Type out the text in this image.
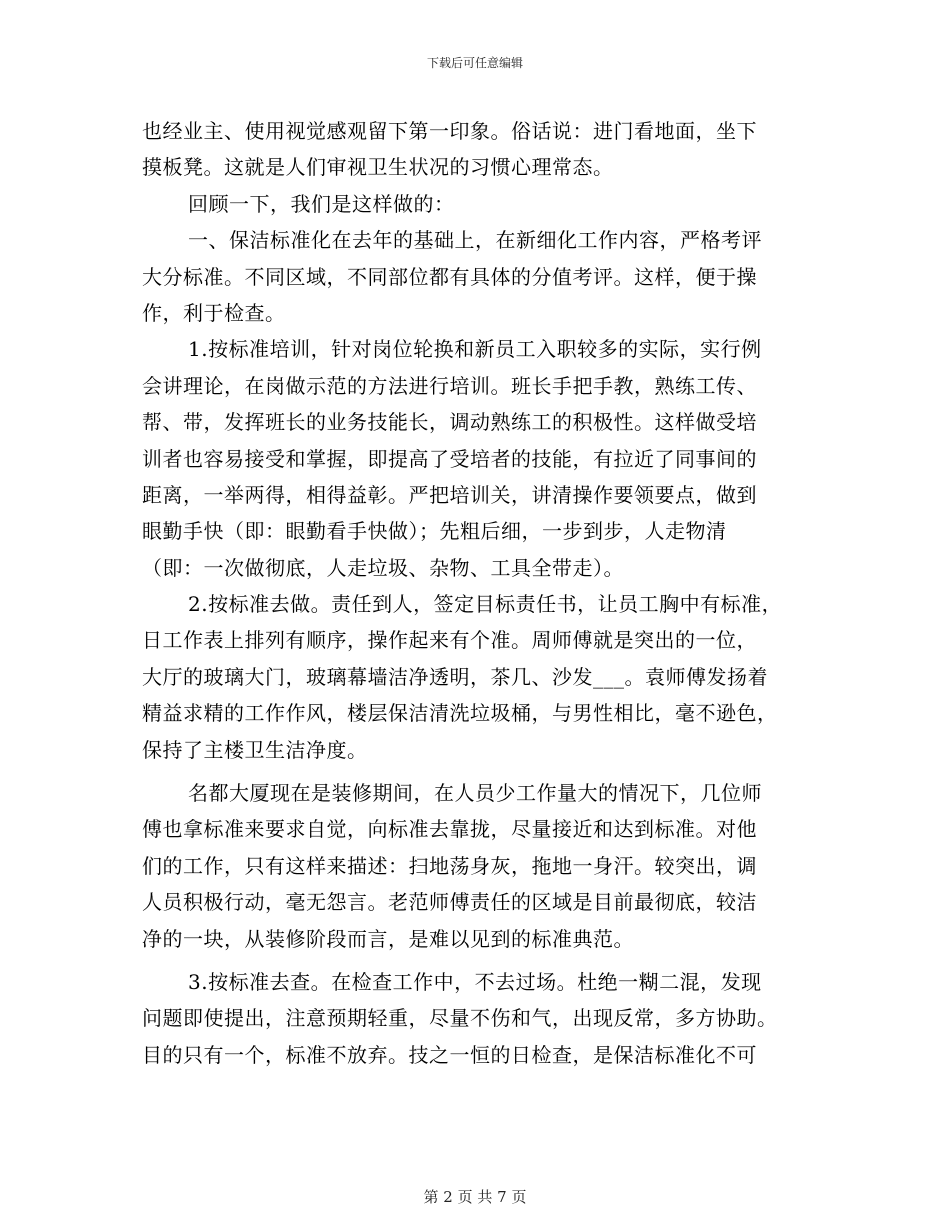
下载后可任意编辑
也经业主、使用视觉感观留下第一印象。俗话说：进门看地面，坐下
摸板凳。这就是人们审视卫生状况的习惯心理常态。
回顾一下，我们是这样做的：
一、保洁标准化在去年的基础上，在新细化工作内容，严格考评
大分标准。不同区域，不同部位都有具体的分值考评。这样，便于操
作，利于检查。
1.按标准培训，针对岗位轮换和新员工入职较多的实际，实行例
会讲理论，在岗做示范的方法进行培训。班长手把手教，熟练工传、
帮、带，发挥班长的业务技能长，调动熟练工的积极性。这样做受培
训者也容易接受和掌握，即提高了受培者的技能，有拉近了同事间的
距离，一举两得，相得益彰。严把培训关，讲清操作要领要点，做到
眼勤手快（即：眼勤看手快做）；先粗后细，一步到步，人走物清
（即：一次做彻底，人走垃圾、杂物、工具全带走）。
2.按标准去做。责任到人，签定目标责任书，让员工胸中有标准，
日工作表上排列有顺序，操作起来有个准。周师傅就是突出的一位，
大厅的玻璃大门，玻璃幕墙洁净透明，茶几、沙发___。袁师傅发扬着
精益求精的工作作风，楼层保洁清洗垃圾桶，与男性相比，毫不逊色，
保持了主楼卫生洁净度。
名都大厦现在是装修期间，在人员少工作量大的情况下，几位师
傅也拿标准来要求自觉，向标准去靠拢，尽量接近和达到标准。对他
们的工作，只有这样来描述：扫地荡身灰，拖地一身汗。较突出，调
人员积极行动，毫无怨言。老范师傅责任的区域是目前最彻底，较洁
净的一块，从装修阶段而言，是难以见到的标准典范。
3.按标准去查。在检查工作中，不去过场。杜绝一糊二混，发现
问题即使提出，注意预期轻重，尽量不伤和气，出现反常，多方协助。
目的只有一个，标准不放弃。技之一恒的日检查，是保洁标准化不可
第 2 页 共 7 页
